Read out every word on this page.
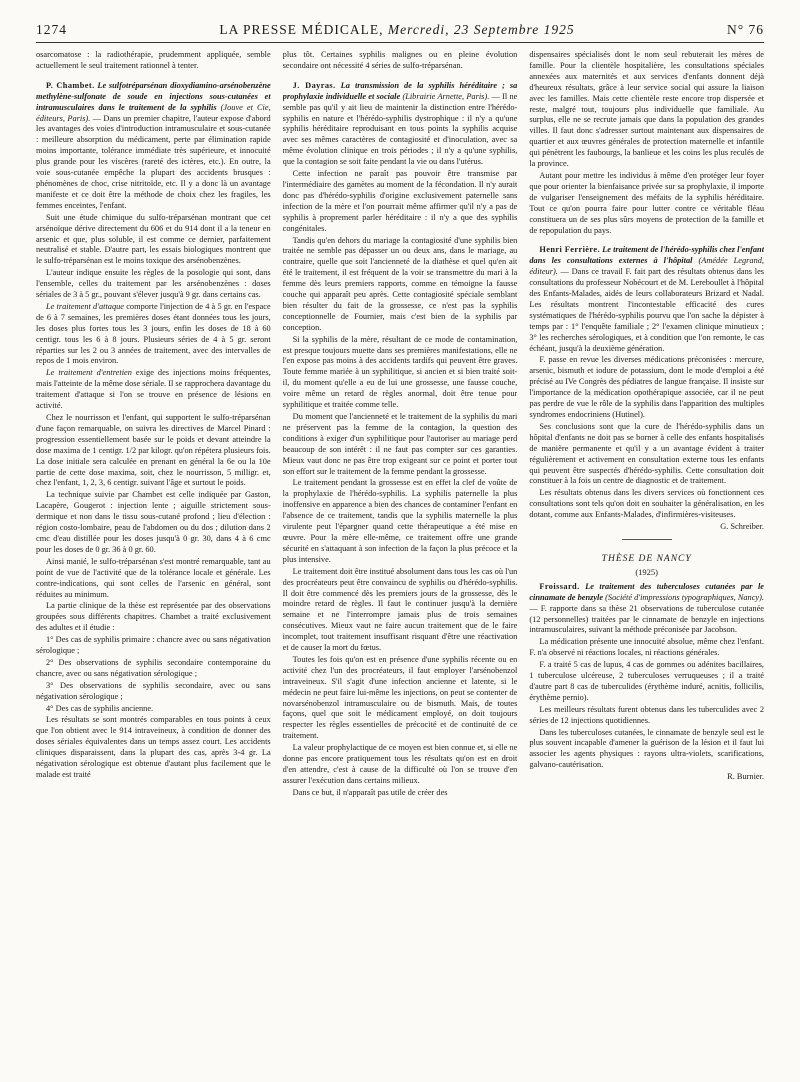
1274	LA PRESSE MÉDICALE, Mercredi, 23 Septembre 1925	N° 76

osarcomatose : la radiothérapie, prudemment appliquée, semble actuellement le seul traitement rationnel à tenter.

P. Chambet. Le sulfotréparsénan dioxydiamino-arsénobenzène methylène-sulfonate de soude en injections sous-cutanées et intramusculaires dans le traitement de la syphilis (Jouve et Cie, éditeurs, Paris). — Dans un premier chapitre, l'auteur expose d'abord les avantages des voies d'introduction intramusculaire et sous-cutanée : meilleure absorption du médicament, perte par élimination rapide moins importante, tolérance immédiate très supérieure, et innocuité plus grande pour les viscères (rareté des ictères, etc.). En outre, la voie sous-cutanée empêche la plupart des accidents brusques : phénomènes de choc, crise nitritoïde, etc. Il y a donc là un avantage manifeste et ce doit être la méthode de choix chez les fragiles, les femmes enceintes, l'enfant.

Suit une étude chimique du sulfo-tréparsénan montrant que cet arsénoïque dérive directement du 606 et du 914 dont il a la teneur en arsenic et que, plus soluble, il est comme ce dernier, parfaitement neutralisé et stable. D'autre part, les essais biologiques montrent que le sulfo-tréparsénan est le moins toxique des arsénobenzènes.

L'auteur indique ensuite les règles de la posologie qui sont, dans l'ensemble, celles du traitement par les arsénobenzènes : doses sériales de 3 à 5 gr., pouvant s'élever jusqu'à 9 gr. dans certains cas.

Le traitement d'attaque comporte l'injection de 4 à 5 gr. en l'espace de 6 à 7 semaines, les premières doses étant données tous les jours, les doses plus fortes tous les 3 jours, enfin les doses de 18 à 60 centigr. tous les 6 à 8 jours. Plusieurs séries de 4 à 5 gr. seront réparties sur les 2 ou 3 années de traitement, avec des intervalles de repos de 1 mois environ.

Le traitement d'entretien exige des injections moins fréquentes, mais l'atteinte de la même dose sériale. Il se rapprochera davantage du traitement d'attaque si l'on se trouve en présence de lésions en activité.

Chez le nourrisson et l'enfant, qui supportent le sulfo-tréparsénan d'une façon remarquable, on suivra les directives de Marcel Pinard : progression essentiellement basée sur le poids et devant atteindre la dose maxima de 1 centigr. 1/2 par kilogr. qu'on répétera plusieurs fois. La dose initiale sera calculée en prenant en général la 6e ou la 10e partie de cette dose maxima, soit, chez le nourrisson, 5 milligr. et, chez l'enfant, 1, 2, 3, 6 centigr. suivant l'âge et surtout le poids.

La technique suivie par Chambet est celle indiquée par Gaston, Lacapère, Gougerot : injection lente ; aiguille strictement sous-dermique et non dans le tissu sous-cutané profond ; lieu d'élection : région costo-lombaire, peau de l'abdomen ou du dos ; dilution dans 2 cmc d'eau distillée pour les doses jusqu'à 0 gr. 30, dans 4 à 6 cmc pour les doses de 0 gr. 36 à 0 gr. 60.

Ainsi manié, le sulfo-tréparsénan s'est montré remarquable, tant au point de vue de l'activité que de la tolérance locale et générale. Les contre-indications, qui sont celles de l'arsenic en général, sont réduites au minimum.

La partie clinique de la thèse est représentée par des observations groupées sous différents chapitres. Chambet a traité exclusivement des adultes et il étudie :

1° Des cas de syphilis primaire : chancre avec ou sans négativation sérologique ;

2° Des observations de syphilis secondaire contemporaine du chancre, avec ou sans négativation sérologique ;

3° Des observations de syphilis secondaire, avec ou sans négativation sérologique ;

4° Des cas de syphilis ancienne.

Les résultats se sont montrés comparables en tous points à ceux que l'on obtient avec le 914 intraveineux, à condition de donner des doses sériales équivalentes dans un temps assez court. Les accidents cliniques disparaissent, dans la plupart des cas, après 3-4 gr. La négativation sérologique est obtenue d'autant plus facilement que le malade est traité

plus tôt. Certaines syphilis malignes ou en pleine évolution secondaire ont nécessité 4 séries de sulfo-tréparsénan.

J. Dayras. La transmission de la syphilis héréditaire ; sa prophylaxie individuelle et sociale (Librairie Arnette, Paris). — Il ne semble pas qu'il y ait lieu de maintenir la distinction entre l'hérédo-syphilis en nature et l'hérédo-syphilis dystrophique : il n'y a qu'une syphilis héréditaire reproduisant en tous points la syphilis acquise avec ses mêmes caractères de contagiosité et d'inoculation, avec sa même évolution clinique en trois périodes ; il n'y a qu'une syphilis, que la contagion se soit faite pendant la vie ou dans l'utérus.

Cette infection ne paraît pas pouvoir être transmise par l'intermédiaire des gamètes au moment de la fécondation. Il n'y aurait donc pas d'hérédo-syphilis d'origine exclusivement paternelle sans infection de la mère et l'on pourrait même affirmer qu'il n'y a pas de syphilis à proprement parler héréditaire : il n'y a que des syphilis congénitales.

Tandis qu'en dehors du mariage la contagiosité d'une syphilis bien traitée ne semble pas dépasser un ou deux ans, dans le mariage, au contraire, quelle que soit l'ancienneté de la diathèse et quel qu'en ait été le traitement, il est fréquent de la voir se transmettre du mari à la femme dès leurs premiers rapports, comme en témoigne la fausse couche qui apparaît peu après. Cette contagiosité spéciale semblant bien résulter du fait de la grossesse, ce n'est pas la syphilis conceptionnelle de Fournier, mais c'est bien de la syphilis par conception.

Si la syphilis de la mère, résultant de ce mode de contamination, est presque toujours muette dans ses premières manifestations, elle ne l'en expose pas moins à des accidents tardifs qui peuvent être graves. Toute femme mariée à un syphilitique, si ancien et si bien traité soit-il, du moment qu'elle a eu de lui une grossesse, une fausse couche, voire même un retard de règles anormal, doit être tenue pour syphilitique et traitée comme telle.

Du moment que l'ancienneté et le traitement de la syphilis du mari ne préservent pas la femme de la contagion, la question des conditions à exiger d'un syphilitique pour l'autoriser au mariage perd beaucoup de son intérêt : il ne faut pas compter sur ces garanties. Mieux vaut donc ne pas être trop exigeant sur ce point et porter tout son effort sur le traitement de la femme pendant la grossesse.

Le traitement pendant la grossesse est en effet la clef de voûte de la prophylaxie de l'hérédo-syphilis. La syphilis paternelle la plus inoffensive en apparence a bien des chances de contaminer l'enfant en l'absence de ce traitement, tandis que la syphilis maternelle la plus virulente peut l'épargner quand cette thérapeutique a été mise en œuvre. Pour la mère elle-même, ce traitement offre une grande sécurité en s'attaquant à son infection de la façon la plus précoce et la plus intensive.

Le traitement doit être institué absolument dans tous les cas où l'un des procréateurs peut être convaincu de syphilis ou d'hérédo-syphilis. Il doit être commencé dès les premiers jours de la grossesse, dès le moindre retard de règles. Il faut le continuer jusqu'à la dernière semaine et ne l'interrompre jamais plus de trois semaines consécutives. Mieux vaut ne faire aucun traitement que de le faire incomplet, tout traitement insuffisant risquant d'être une réactivation et de causer la mort du fœtus.

Toutes les fois qu'on est en présence d'une syphilis récente ou en activité chez l'un des procréateurs, il faut employer l'arsénobenzol intraveineux. S'il s'agit d'une infection ancienne et latente, si le médecin ne peut faire lui-même les injections, on peut se contenter de novarsénobenzol intramusculaire ou de bismuth. Mais, de toutes façons, quel que soit le médicament employé, on doit toujours respecter les règles essentielles de précocité et de continuité de ce traitement.

La valeur prophylactique de ce moyen est bien connue et, si elle ne donne pas encore pratiquement tous les résultats qu'on est en droit d'en attendre, c'est à cause de la difficulté où l'on se trouve d'en assurer l'exécution dans certains milieux.

Dans ce but, il n'apparaît pas utile de créer des

dispensaires spécialisés dont le nom seul rebuterait les mères de famille. Pour la clientèle hospitalière, les consultations spéciales annexées aux maternités et aux services d'enfants donnent déjà d'heureux résultats, grâce à leur service social qui assure la liaison avec les familles. Mais cette clientèle reste encore trop dispersée et reste, malgré tout, toujours plus individuelle que familiale. Au surplus, elle ne se recrute jamais que dans la population des grandes villes. Il faut donc s'adresser surtout maintenant aux dispensaires de quartier et aux œuvres générales de protection maternelle et infantile qui pénètrent les faubourgs, la banlieue et les coins les plus reculés de la province.

Autant pour mettre les individus à même d'en protéger leur foyer que pour orienter la bienfaisance privée sur sa prophylaxie, il importe de vulgariser l'enseignement des méfaits de la syphilis héréditaire. Tout ce qu'on pourra faire pour lutter contre ce véritable fléau constituera un de ses plus sûrs moyens de protection de la famille et de repopulation du pays.

Henri Ferrière. Le traitement de l'hérédo-syphilis chez l'enfant dans les consultations externes à l'hôpital (Amédée Legrand, éditeur). — Dans ce travail F. fait part des résultats obtenus dans les consultations du professeur Nobécourt et de M. Lereboullet à l'hôpital des Enfants-Malades, aidés de leurs collaborateurs Brizard et Nadal. Les résultats montrent l'incontestable efficacité des cures systématiques de l'hérédo-syphilis pourvu que l'on sache la dépister à temps par : 1° l'enquête familiale ; 2° l'examen clinique minutieux ; 3° les recherches sérologiques, et à condition que l'on remonte, le cas échéant, jusqu'à la deuxième génération.

F. passe en revue les diverses médications préconisées : mercure, arsenic, bismuth et iodure de potassium, dont le mode d'emploi a été précisé au IVe Congrès des pédiatres de langue française. Il insiste sur l'importance de la médication opothérapique associée, car il ne peut pas perdre de vue le rôle de la syphilis dans l'apparition des multiples syndromes endocriniens (Hutinel).

Ses conclusions sont que la cure de l'hérédo-syphilis dans un hôpital d'enfants ne doit pas se borner à celle des enfants hospitalisés de manière permanente et qu'il y a un avantage évident à traiter régulièrement et activement en consultation externe tous les enfants qui peuvent être suspectés d'hérédo-syphilis. Cette consultation doit constituer à la fois un centre de diagnostic et de traitement.

Les résultats obtenus dans les divers services où fonctionnent ces consultations sont tels qu'on doit en souhaiter la généralisation, en les dotant, comme aux Enfants-Malades, d'infirmières-visiteuses.

G. Schreiber.
THÈSE DE NANCY
(1925)

Froissard. Le traitement des tuberculoses cutanées par le cinnamate de benzyle (Société d'impressions typographiques, Nancy). — F. rapporte dans sa thèse 21 observations de tuberculose cutanée (12 personnelles) traitées par le cinnamate de benzyle en injections intramusculaires, suivant la méthode préconisée par Jacobson.

La médication présente une innocuité absolue, même chez l'enfant. F. n'a observé ni réactions locales, ni réactions générales.

F. a traité 5 cas de lupus, 4 cas de gommes ou adénites bacillaires, 1 tuberculose ulcéreuse, 2 tuberculoses verruqueuses ; il a traité d'autre part 8 cas de tuberculides (érythème induré, acnitis, follicilis, érythème pernio).

Les meilleurs résultats furent obtenus dans les tuberculides avec 2 séries de 12 injections quotidiennes.

Dans les tuberculoses cutanées, le cinnamate de benzyle seul est le plus souvent incapable d'amener la guérison de la lésion et il faut lui associer les agents physiques : rayons ultra-violets, scarifications, galvano-cautérisation.

R. Burnier.
